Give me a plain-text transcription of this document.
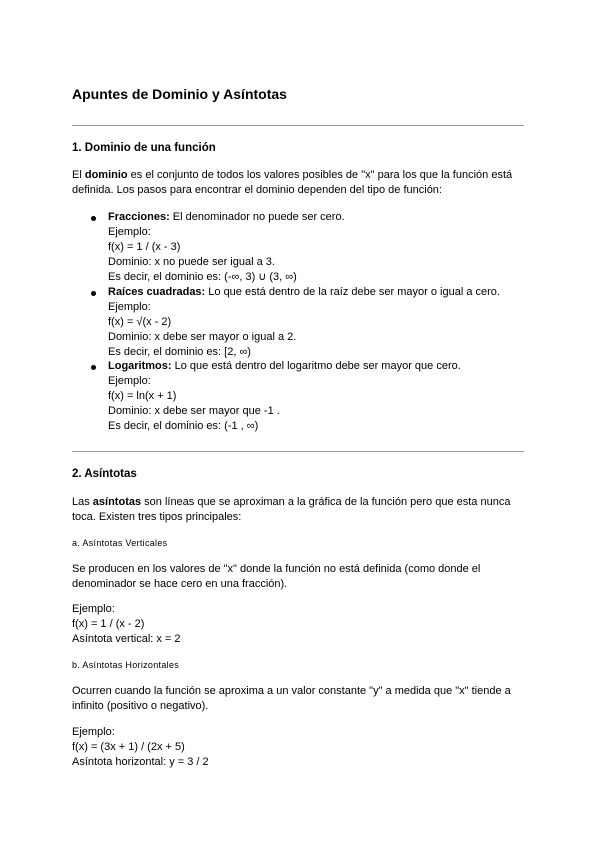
Apuntes de Dominio y Asíntotas
1. Dominio de una función
El dominio es el conjunto de todos los valores posibles de "x" para los que la función está
definida. Los pasos para encontrar el dominio dependen del tipo de función:
Fracciones: El denominador no puede ser cero.
Ejemplo:
f(x) = 1 / (x - 3)
Dominio: x no puede ser igual a 3.
Es decir, el dominio es: (-∞, 3) ∪ (3, ∞)
Raíces cuadradas: Lo que está dentro de la raíz debe ser mayor o igual a cero.
Ejemplo:
f(x) = √(x - 2)
Dominio: x debe ser mayor o igual a 2.
Es decir, el dominio es: [2, ∞)
Logaritmos: Lo que está dentro del logaritmo debe ser mayor que cero.
Ejemplo:
f(x) = ln(x + 1)
Dominio: x debe ser mayor que -1 .
Es decir, el dominio es: (-1 , ∞)
2. Asíntotas
Las asíntotas son líneas que se aproximan a la gráfica de la función pero que esta nunca
toca. Existen tres tipos principales:
a. Asíntotas Verticales
Se producen en los valores de "x" donde la función no está definida (como donde el
denominador se hace cero en una fracción).
Ejemplo:
f(x) = 1 / (x - 2)
Asíntota vertical: x = 2
b. Asíntotas Horizontales
Ocurren cuando la función se aproxima a un valor constante "y" a medida que "x" tiende a
infinito (positivo o negativo).
Ejemplo:
f(x) = (3x + 1) / (2x + 5)
Asíntota horizontal: y = 3 / 2
